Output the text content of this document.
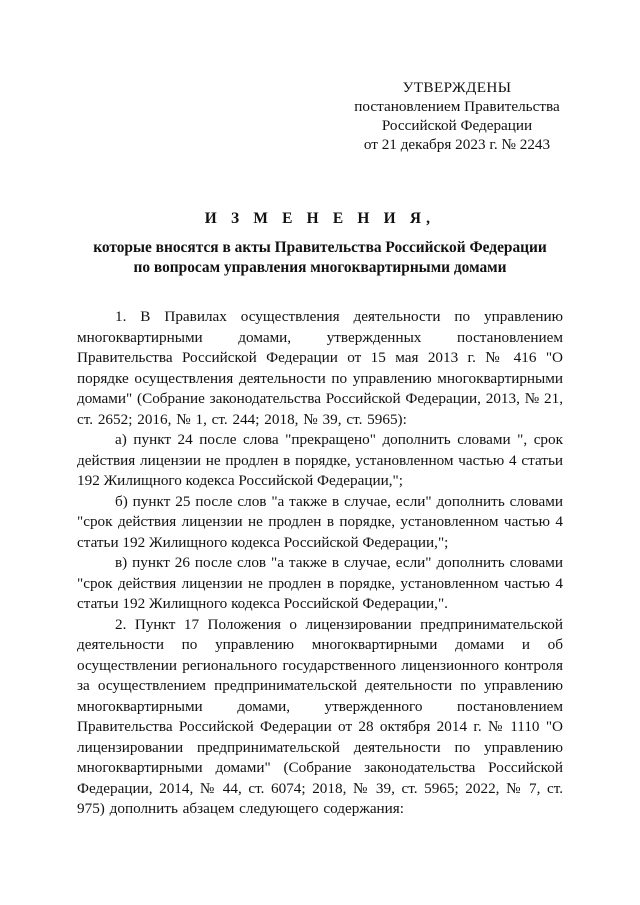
УТВЕРЖДЕНЫ
постановлением Правительства
Российской Федерации
от 21 декабря 2023 г. № 2243
И З М Е Н Е Н И Я,
которые вносятся в акты Правительства Российской Федерации
по вопросам управления многоквартирными домами

1. В Правилах осуществления деятельности по управлению многоквартирными домами, утвержденных постановлением Правительства Российской Федерации от 15 мая 2013 г. № 416 "О порядке осуществления деятельности по управлению многоквартирными домами" (Собрание законодательства Российской Федерации, 2013, № 21, ст. 2652; 2016, № 1, ст. 244; 2018, № 39, ст. 5965):

а) пункт 24 после слова "прекращено" дополнить словами ", срок действия лицензии не продлен в порядке, установленном частью 4 статьи 192 Жилищного кодекса Российской Федерации,";

б) пункт 25 после слов "а также в случае, если" дополнить словами "срок действия лицензии не продлен в порядке, установленном частью 4 статьи 192 Жилищного кодекса Российской Федерации,";

в) пункт 26 после слов "а также в случае, если" дополнить словами "срок действия лицензии не продлен в порядке, установленном частью 4 статьи 192 Жилищного кодекса Российской Федерации,".

2. Пункт 17 Положения о лицензировании предпринимательской деятельности по управлению многоквартирными домами и об осуществлении регионального государственного лицензионного контроля за осуществлением предпринимательской деятельности по управлению многоквартирными домами, утвержденного постановлением Правительства Российской Федерации от 28 октября 2014 г. № 1110 "О лицензировании предпринимательской деятельности по управлению многоквартирными домами" (Собрание законодательства Российской Федерации, 2014, № 44, ст. 6074; 2018, № 39, ст. 5965; 2022, № 7, ст. 975) дополнить абзацем следующего содержания:
